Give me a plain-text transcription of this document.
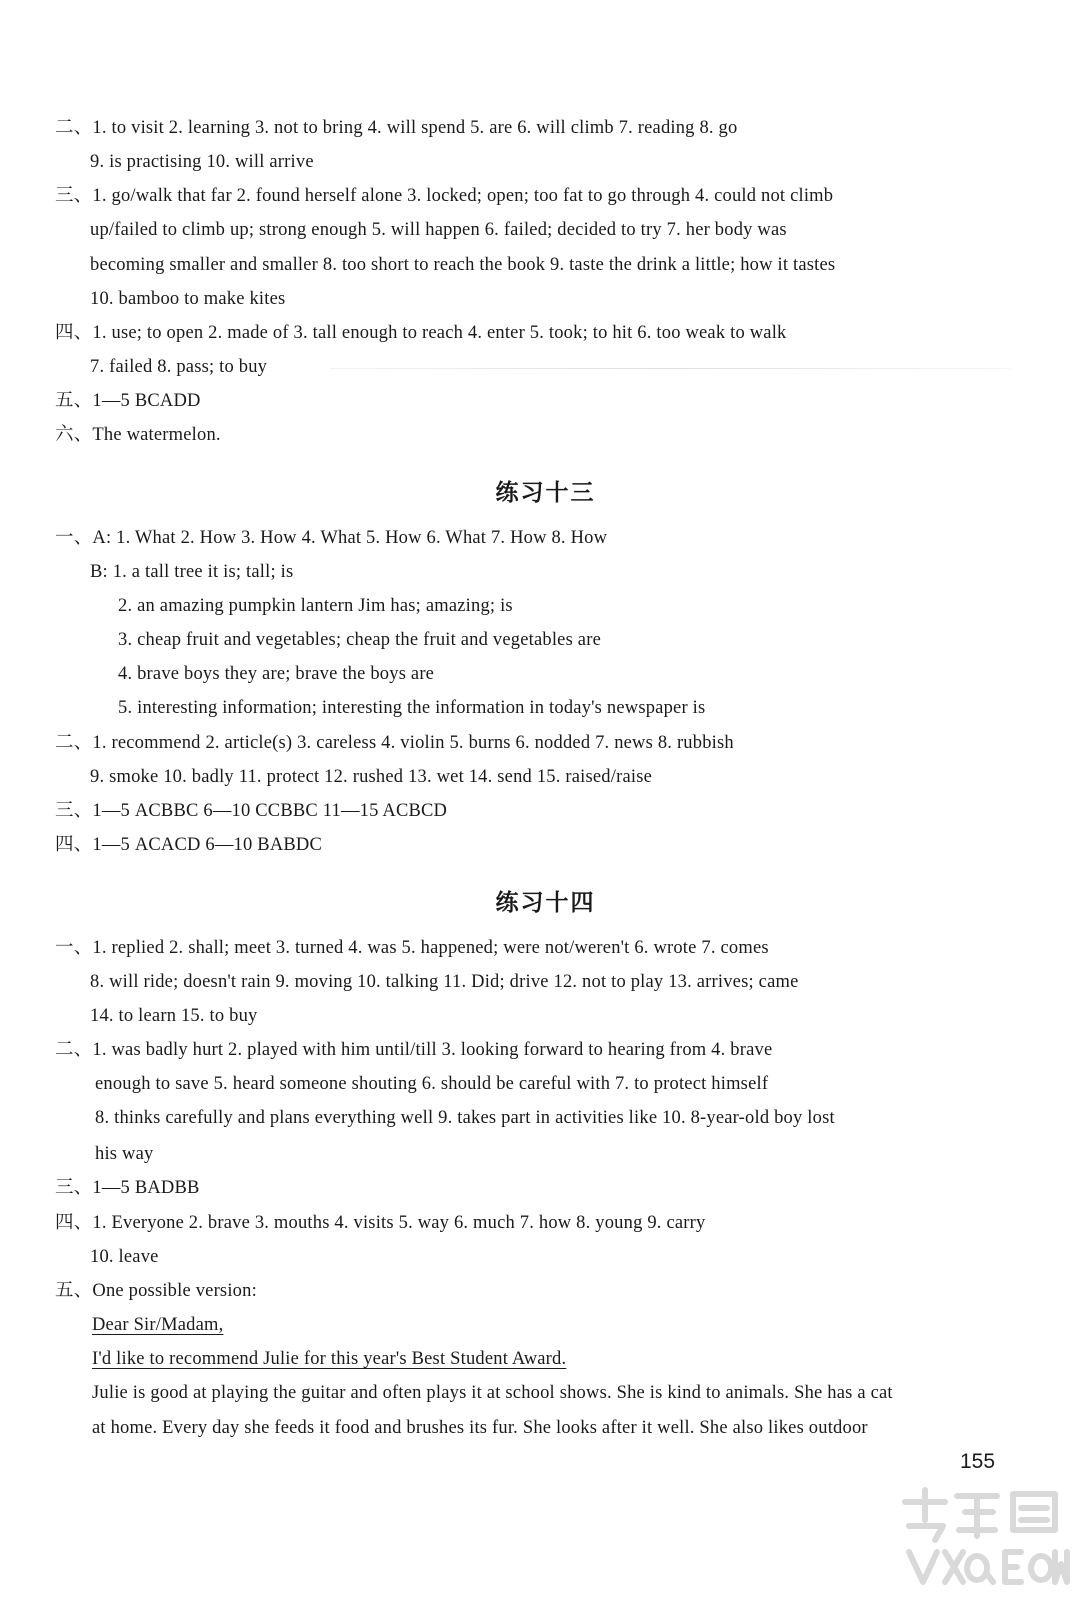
二、1. to visit 2. learning 3. not to bring 4. will spend 5. are 6. will climb 7. reading 8. go
9. is practising 10. will arrive
三、1. go/walk that far 2. found herself alone 3. locked; open; too fat to go through 4. could not climb
up/failed to climb up; strong enough 5. will happen 6. failed; decided to try 7. her body was
becoming smaller and smaller 8. too short to reach the book 9. taste the drink a little; how it tastes
10. bamboo to make kites
四、1. use; to open 2. made of 3. tall enough to reach 4. enter 5. took; to hit 6. too weak to walk
7. failed 8. pass; to buy
五、1—5 BCADD
六、The watermelon.
练习十三
一、A: 1. What 2. How 3. How 4. What 5. How 6. What 7. How 8. How
B: 1. a tall tree it is; tall; is
2. an amazing pumpkin lantern Jim has; amazing; is
3. cheap fruit and vegetables; cheap the fruit and vegetables are
4. brave boys they are; brave the boys are
5. interesting information; interesting the information in today's newspaper is
二、1. recommend 2. article(s) 3. careless 4. violin 5. burns 6. nodded 7. news 8. rubbish
9. smoke 10. badly 11. protect 12. rushed 13. wet 14. send 15. raised/raise
三、1—5 ACBBC 6—10 CCBBC 11—15 ACBCD
四、1—5 ACACD 6—10 BABDC
练习十四
一、1. replied 2. shall; meet 3. turned 4. was 5. happened; were not/weren't 6. wrote 7. comes
8. will ride; doesn't rain 9. moving 10. talking 11. Did; drive 12. not to play 13. arrives; came
14. to learn 15. to buy
二、1. was badly hurt 2. played with him until/till 3. looking forward to hearing from 4. brave
enough to save 5. heard someone shouting 6. should be careful with 7. to protect himself
8. thinks carefully and plans everything well 9. takes part in activities like 10. 8-year-old boy lost
his way
三、1—5 BADBB
四、1. Everyone 2. brave 3. mouths 4. visits 5. way 6. much 7. how 8. young 9. carry
10. leave
五、One possible version:
Dear Sir/Madam,
I'd like to recommend Julie for this year's Best Student Award.
Julie is good at playing the guitar and often plays it at school shows. She is kind to animals. She has a cat
at home. Every day she feeds it food and brushes its fur. She looks after it well. She also likes outdoor
155
